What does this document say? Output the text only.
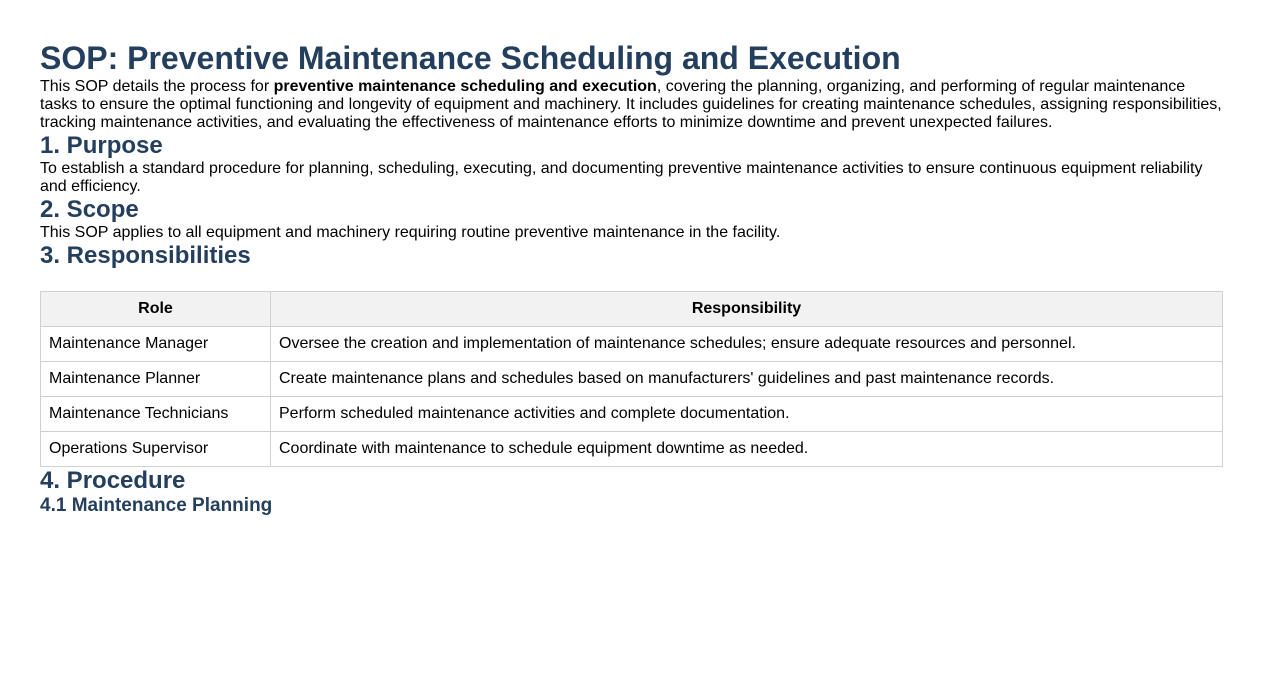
SOP: Preventive Maintenance Scheduling and Execution

This SOP details the process for preventive maintenance scheduling and execution, covering the planning, organizing, and performing of regular maintenance tasks to ensure the optimal functioning and longevity of equipment and machinery. It includes guidelines for creating maintenance schedules, assigning responsibilities, tracking maintenance activities, and evaluating the effectiveness of maintenance efforts to minimize downtime and prevent unexpected failures.

1. Purpose

To establish a standard procedure for planning, scheduling, executing, and documenting preventive maintenance activities to ensure continuous equipment reliability and efficiency.

2. Scope

This SOP applies to all equipment and machinery requiring routine preventive maintenance in the facility.

3. Responsibilities
Role	Responsibility
Maintenance Manager	Oversee the creation and implementation of maintenance schedules; ensure adequate resources and personnel.
Maintenance Planner	Create maintenance plans and schedules based on manufacturers' guidelines and past maintenance records.
Maintenance Technicians	Perform scheduled maintenance activities and complete documentation.
Operations Supervisor	Coordinate with maintenance to schedule equipment downtime as needed.
4. Procedure
4.1 Maintenance Planning
